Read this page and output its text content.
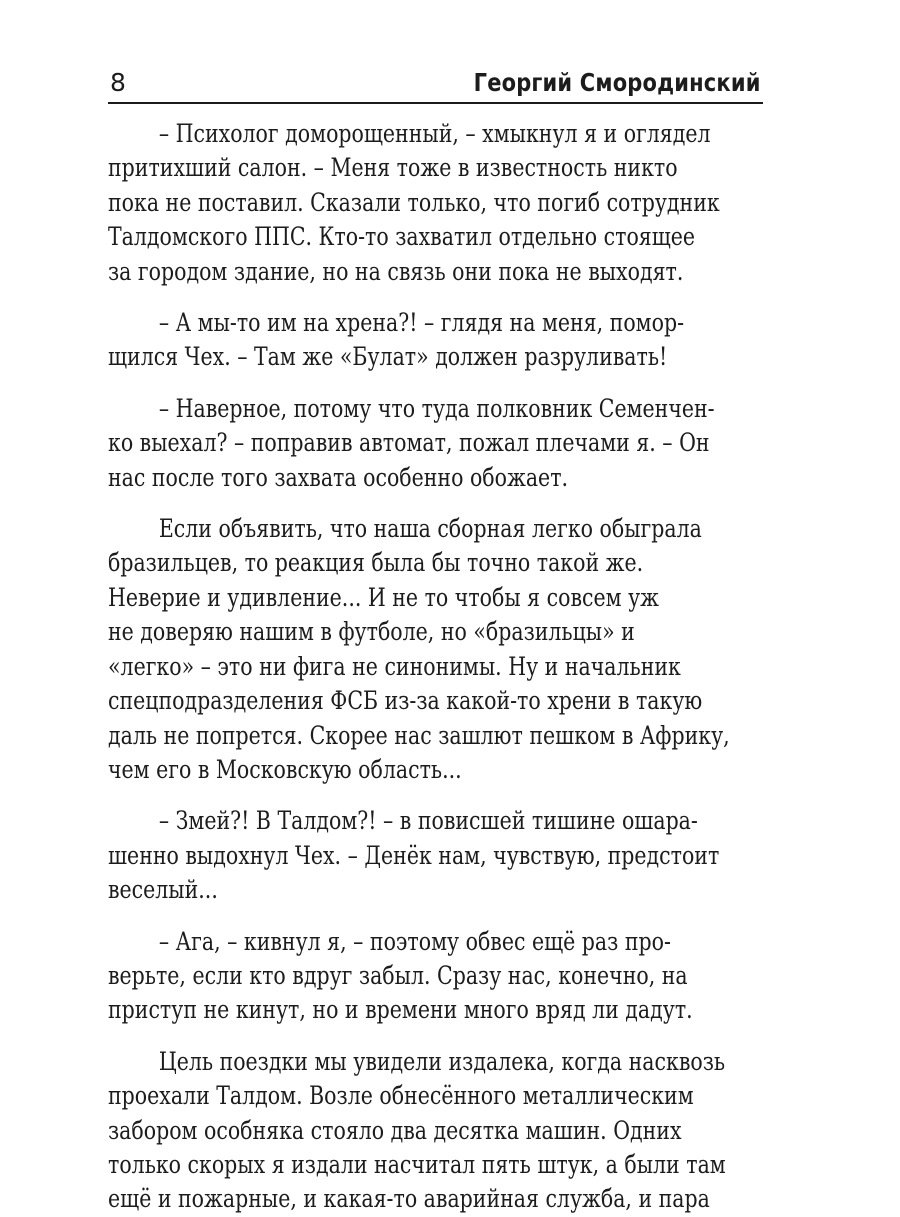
8	Георгий Смородинский

– Психолог доморощенный, – хмыкнул я и оглядел
притихший салон. – Меня тоже в известность никто
пока не поставил. Сказали только, что погиб сотрудник
Талдомского ППС. Кто-то захватил отдельно стоящее
за городом здание, но на связь они пока не выходят.

– А мы-то им на хрена?! – глядя на меня, помор-
щился Чех. – Там же «Булат» должен разруливать!

– Наверное, потому что туда полковник Семенчен-
ко выехал? – поправив автомат, пожал плечами я. – Он
нас после того захвата особенно обожает.

Если объявить, что наша сборная легко обыграла
бразильцев, то реакция была бы точно такой же.
Неверие и удивление... И не то чтобы я совсем уж
не доверяю нашим в футболе, но «бразильцы» и
«легко» – это ни фига не синонимы. Ну и начальник
спецподразделения ФСБ из-за какой-то хрени в такую
даль не попрется. Скорее нас зашлют пешком в Африку,
чем его в Московскую область...

– Змей?! В Талдом?! – в повисшей тишине ошара-
шенно выдохнул Чех. – Денёк нам, чувствую, предстоит
веселый...

– Ага, – кивнул я, – поэтому обвес ещё раз про-
верьте, если кто вдруг забыл. Сразу нас, конечно, на
приступ не кинут, но и времени много вряд ли дадут.

Цель поездки мы увидели издалека, когда насквозь
проехали Талдом. Возле обнесённого металлическим
забором особняка стояло два десятка машин. Одних
только скорых я издали насчитал пять штук, а были там
ещё и пожарные, и какая-то аварийная служба, и пара
